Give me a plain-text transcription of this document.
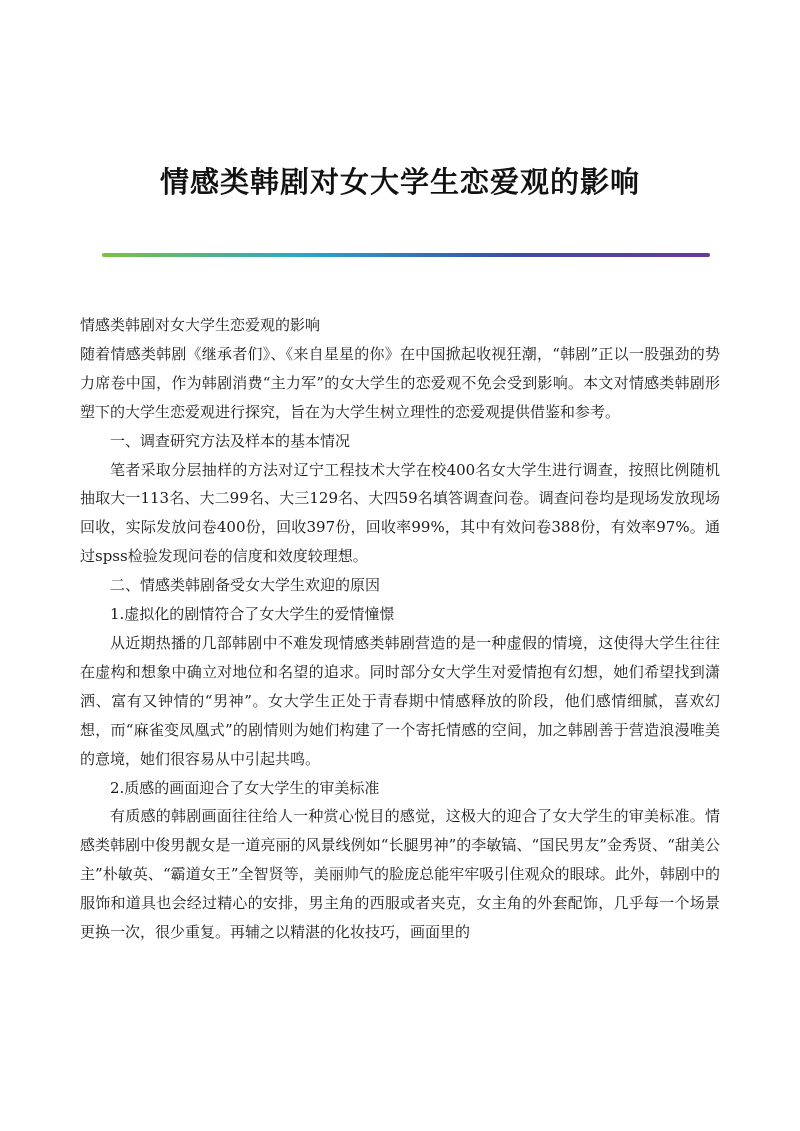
情感类韩剧对女大学生恋爱观的影响

情感类韩剧对女大学生恋爱观的影响

随着情感类韩剧《继承者们》、《来自星星的你》在中国掀起收视狂潮，“韩剧”正以一股强劲的势力席卷中国，作为韩剧消费“主力军”的女大学生的恋爱观不免会受到影响。本文对情感类韩剧形塑下的大学生恋爱观进行探究，旨在为大学生树立理性的恋爱观提供借鉴和参考。

一、调查研究方法及样本的基本情况

笔者采取分层抽样的方法对辽宁工程技术大学在校400名女大学生进行调查，按照比例随机抽取大一113名、大二99名、大三129名、大四59名填答调查问卷。调查问卷均是现场发放现场回收，实际发放问卷400份，回收397份，回收率99%，其中有效问卷388份，有效率97%。通过spss检验发现问卷的信度和效度较理想。

二、情感类韩剧备受女大学生欢迎的原因

1.虚拟化的剧情符合了女大学生的爱情憧憬

从近期热播的几部韩剧中不难发现情感类韩剧营造的是一种虚假的情境，这使得大学生往往在虚构和想象中确立对地位和名望的追求。同时部分女大学生对爱情抱有幻想，她们希望找到潇洒、富有又钟情的“男神”。女大学生正处于青春期中情感释放的阶段，他们感情细腻，喜欢幻想，而“麻雀变凤凰式”的剧情则为她们构建了一个寄托情感的空间，加之韩剧善于营造浪漫唯美的意境，她们很容易从中引起共鸣。

2.质感的画面迎合了女大学生的审美标准

有质感的韩剧画面往往给人一种赏心悦目的感觉，这极大的迎合了女大学生的审美标准。情感类韩剧中俊男靓女是一道亮丽的风景线例如“长腿男神”的李敏镐、“国民男友”金秀贤、“甜美公主”朴敏英、“霸道女王”全智贤等，美丽帅气的脸庞总能牢牢吸引住观众的眼球。此外，韩剧中的服饰和道具也会经过精心的安排，男主角的西服或者夹克，女主角的外套配饰，几乎每一个场景更换一次，很少重复。再辅之以精湛的化妆技巧，画面里的
